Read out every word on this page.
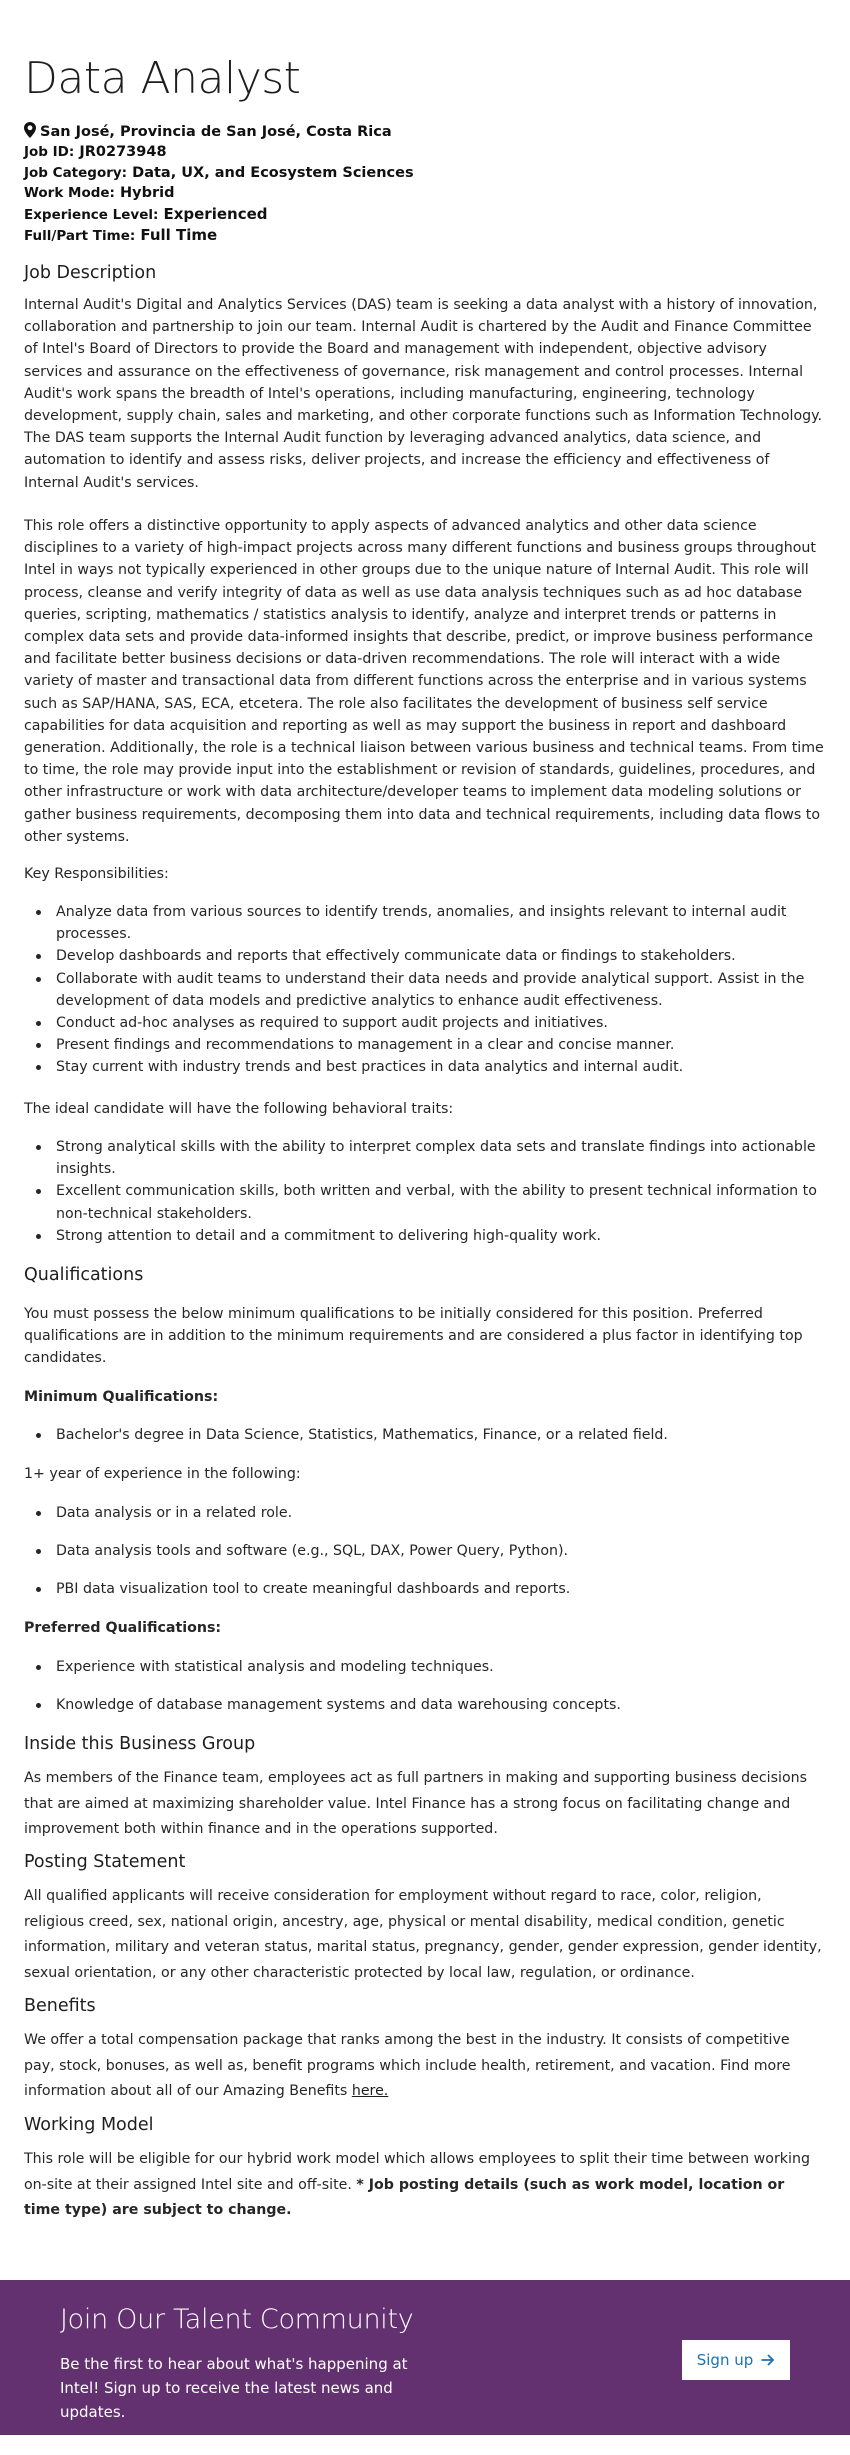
Data Analyst
San José, Provincia de San José, Costa Rica
Job ID: JR0273948
Job Category: Data, UX, and Ecosystem Sciences
Work Mode: Hybrid
Experience Level: Experienced
Full/Part Time: Full Time
Job Description

Internal Audit's Digital and Analytics Services (DAS) team is seeking a data analyst with a history of innovation, collaboration and partnership to join our team. Internal Audit is chartered by the Audit and Finance Committee of Intel's Board of Directors to provide the Board and management with independent, objective advisory services and assurance on the effectiveness of governance, risk management and control processes. Internal Audit's work spans the breadth of Intel's operations, including manufacturing, engineering, technology development, supply chain, sales and marketing, and other corporate functions such as Information Technology. The DAS team supports the Internal Audit function by leveraging advanced analytics, data science, and automation to identify and assess risks, deliver projects, and increase the efficiency and effectiveness of Internal Audit's services.

This role offers a distinctive opportunity to apply aspects of advanced analytics and other data science disciplines to a variety of high-impact projects across many different functions and business groups throughout Intel in ways not typically experienced in other groups due to the unique nature of Internal Audit. This role will process, cleanse and verify integrity of data as well as use data analysis techniques such as ad hoc database queries, scripting, mathematics / statistics analysis to identify, analyze and interpret trends or patterns in complex data sets and provide data-informed insights that describe, predict, or improve business performance and facilitate better business decisions or data-driven recommendations. The role will interact with a wide variety of master and transactional data from different functions across the enterprise and in various systems such as SAP/HANA, SAS, ECA, etcetera. The role also facilitates the development of business self service capabilities for data acquisition and reporting as well as may support the business in report and dashboard generation. Additionally, the role is a technical liaison between various business and technical teams. From time to time, the role may provide input into the establishment or revision of standards, guidelines, procedures, and other infrastructure or work with data architecture/developer teams to implement data modeling solutions or gather business requirements, decomposing them into data and technical requirements, including data flows to other systems.

Key Responsibilities:

Analyze data from various sources to identify trends, anomalies, and insights relevant to internal audit processes.
Develop dashboards and reports that effectively communicate data or findings to stakeholders.
Collaborate with audit teams to understand their data needs and provide analytical support. Assist in the development of data models and predictive analytics to enhance audit effectiveness.
Conduct ad-hoc analyses as required to support audit projects and initiatives.
Present findings and recommendations to management in a clear and concise manner.
Stay current with industry trends and best practices in data analytics and internal audit.

The ideal candidate will have the following behavioral traits:

Strong analytical skills with the ability to interpret complex data sets and translate findings into actionable insights.
Excellent communication skills, both written and verbal, with the ability to present technical information to non-technical stakeholders.
Strong attention to detail and a commitment to delivering high-quality work.
Qualifications

You must possess the below minimum qualifications to be initially considered for this position. Preferred qualifications are in addition to the minimum requirements and are considered a plus factor in identifying top candidates.

Minimum Qualifications:

Bachelor's degree in Data Science, Statistics, Mathematics, Finance, or a related field.

1+ year of experience in the following:

Data analysis or in a related role.
Data analysis tools and software (e.g., SQL, DAX, Power Query, Python).
PBI data visualization tool to create meaningful dashboards and reports.

Preferred Qualifications:

Experience with statistical analysis and modeling techniques.
Knowledge of database management systems and data warehousing concepts.
Inside this Business Group

As members of the Finance team, employees act as full partners in making and supporting business decisions that are aimed at maximizing shareholder value. Intel Finance has a strong focus on facilitating change and improvement both within finance and in the operations supported.

Posting Statement

All qualified applicants will receive consideration for employment without regard to race, color, religion, religious creed, sex, national origin, ancestry, age, physical or mental disability, medical condition, genetic information, military and veteran status, marital status, pregnancy, gender, gender expression, gender identity, sexual orientation, or any other characteristic protected by local law, regulation, or ordinance.

Benefits

We offer a total compensation package that ranks among the best in the industry. It consists of competitive pay, stock, bonuses, as well as, benefit programs which include health, retirement, and vacation. Find more information about all of our Amazing Benefits here.

Working Model

This role will be eligible for our hybrid work model which allows employees to split their time between working on-site at their assigned Intel site and off-site. * Job posting details (such as work model, location or time type) are subject to change.

Join Our Talent Community

Be the first to hear about what's happening at Intel! Sign up to receive the latest news and updates.

Sign up
